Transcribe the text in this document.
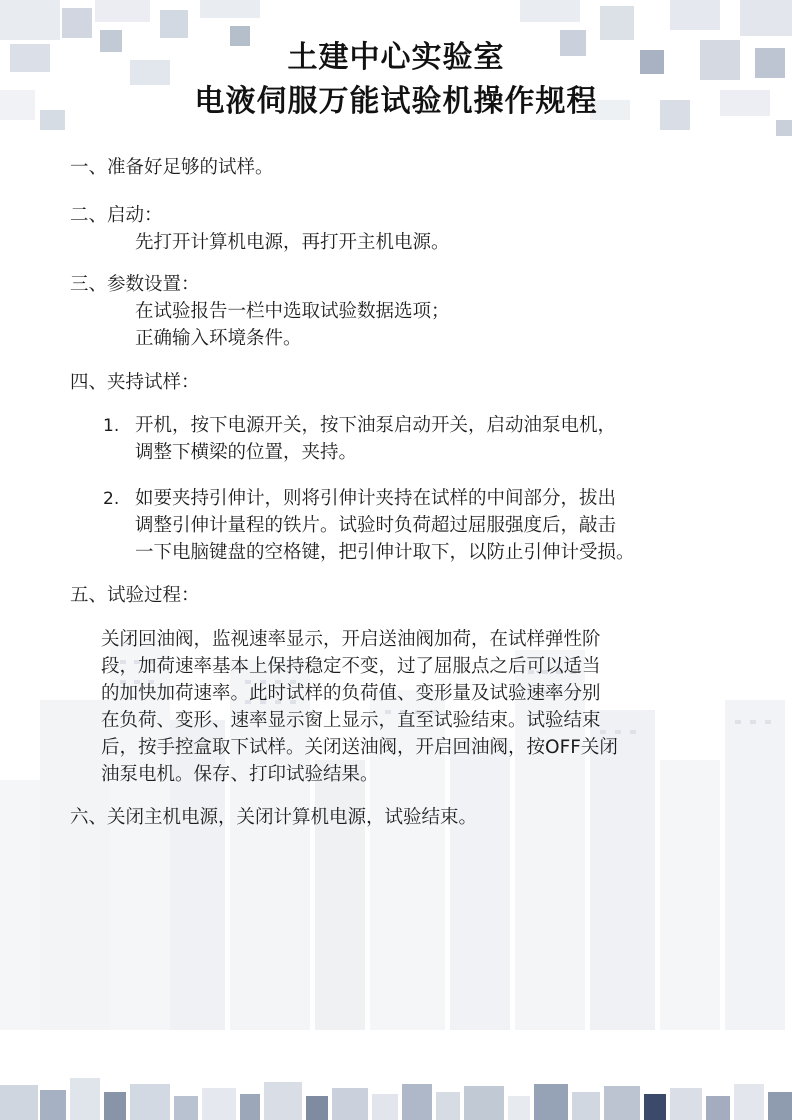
土建中心实验室
电液伺服万能试验机操作规程
一、准备好足够的试样。
二、启动：
先打开计算机电源，再打开主机电源。
三、参数设置：
在试验报告一栏中选取试验数据选项；
正确输入环境条件。
四、夹持试样：
1. 开机，按下电源开关，按下油泵启动开关，启动油泵电机，
调整下横梁的位置，夹持。
2. 如要夹持引伸计，则将引伸计夹持在试样的中间部分，拔出
调整引伸计量程的铁片。试验时负荷超过屈服强度后，敲击
一下电脑键盘的空格键，把引伸计取下，以防止引伸计受损。
五、试验过程：
关闭回油阀，监视速率显示，开启送油阀加荷，在试样弹性阶
段，加荷速率基本上保持稳定不变，过了屈服点之后可以适当
的加快加荷速率。此时试样的负荷值、变形量及试验速率分别
在负荷、变形、速率显示窗上显示，直至试验结束。试验结束
后，按手控盒取下试样。关闭送油阀，开启回油阀，按OFF关闭
油泵电机。保存、打印试验结果。
六、关闭主机电源，关闭计算机电源，试验结束。
